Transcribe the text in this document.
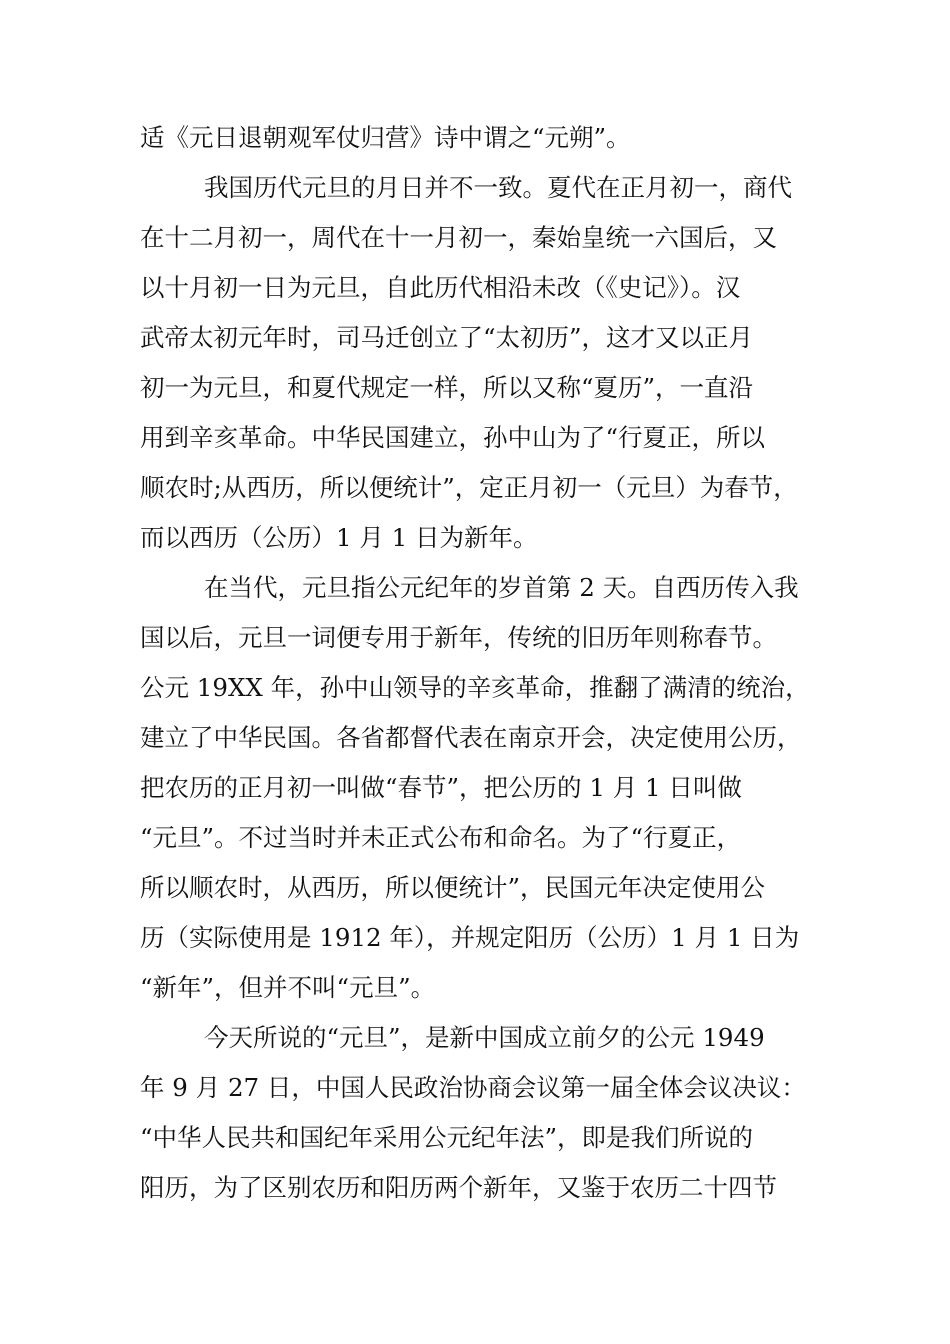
适《元日退朝观军仗归营》诗中谓之“元朔”。
我国历代元旦的月日并不一致。夏代在正月初一，商代
在十二月初一，周代在十一月初一，秦始皇统一六国后，又
以十月初一日为元旦，自此历代相沿未改（《史记》）。汉
武帝太初元年时，司马迁创立了“太初历”，这才又以正月
初一为元旦，和夏代规定一样，所以又称“夏历”，一直沿
用到辛亥革命。中华民国建立，孙中山为了“行夏正，所以
顺农时;从西历，所以便统计”，定正月初一（元旦）为春节，
而以西历（公历）1 月 1 日为新年。
在当代，元旦指公元纪年的岁首第 2 天。自西历传入我
国以后，元旦一词便专用于新年，传统的旧历年则称春节。
公元 19XX 年，孙中山领导的辛亥革命，推翻了满清的统治，
建立了中华民国。各省都督代表在南京开会，决定使用公历，
把农历的正月初一叫做“春节”，把公历的 1 月 1 日叫做
“元旦”。不过当时并未正式公布和命名。为了“行夏正，
所以顺农时，从西历，所以便统计”，民国元年决定使用公
历（实际使用是 1912 年），并规定阳历（公历）1 月 1 日为
“新年”，但并不叫“元旦”。
今天所说的“元旦”，是新中国成立前夕的公元 1949
年 9 月 27 日，中国人民政治协商会议第一届全体会议决议：
“中华人民共和国纪年采用公元纪年法”，即是我们所说的
阳历，为了区别农历和阳历两个新年，又鉴于农历二十四节
